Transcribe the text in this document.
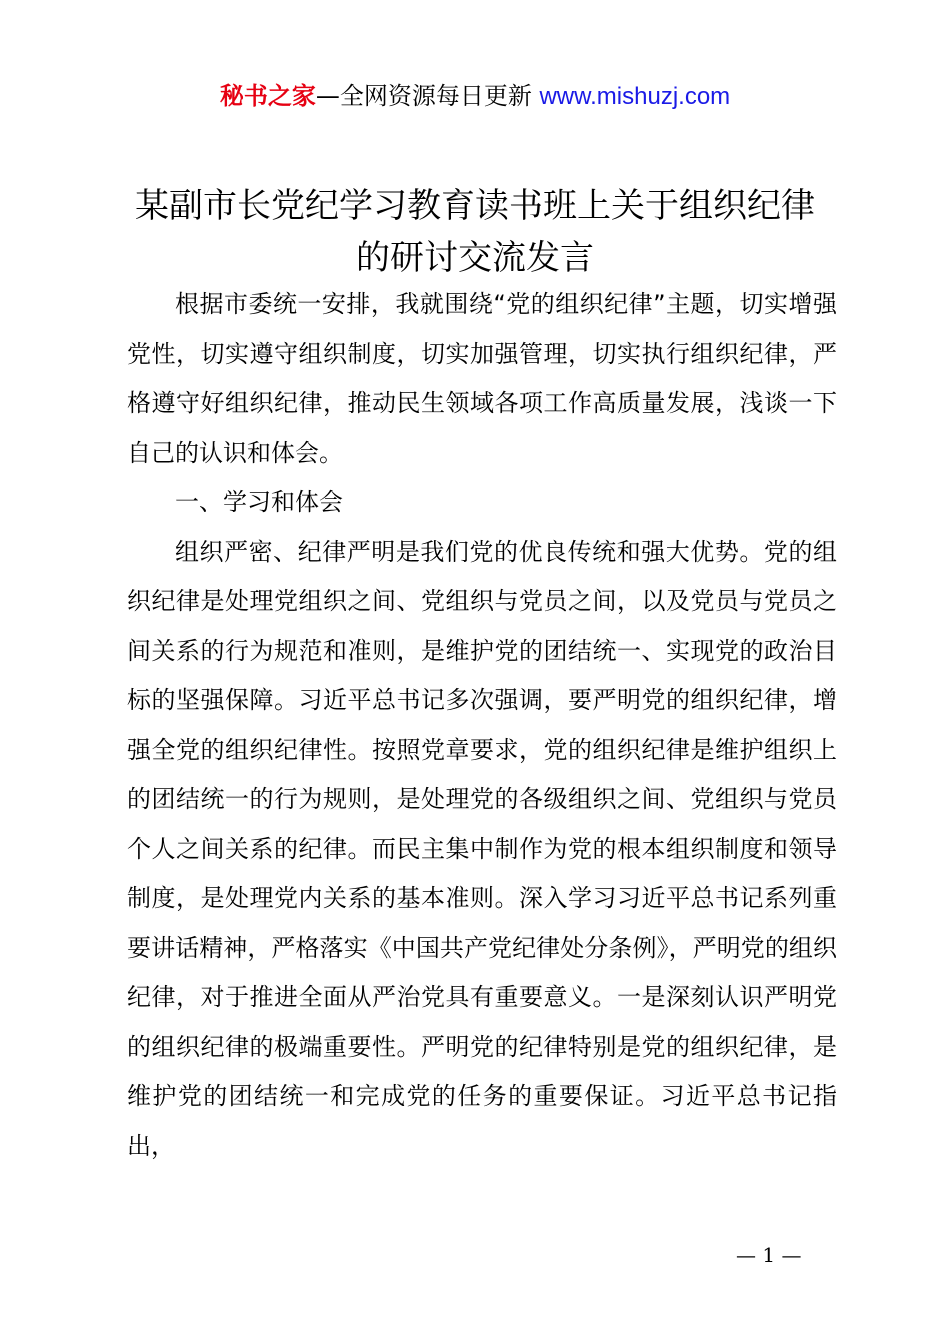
秘书之家—全网资源每日更新 www.mishuzj.com
某副市长党纪学习教育读书班上关于组织纪律
的研讨交流发言

根据市委统一安排，我就围绕“党的组织纪律”主题，切实增强党性，切实遵守组织制度，切实加强管理，切实执行组织纪律，严格遵守好组织纪律，推动民生领域各项工作高质量发展，浅谈一下自己的认识和体会。

一、学习和体会

组织严密、纪律严明是我们党的优良传统和强大优势。党的组织纪律是处理党组织之间、党组织与党员之间，以及党员与党员之间关系的行为规范和准则，是维护党的团结统一、实现党的政治目标的坚强保障。习近平总书记多次强调，要严明党的组织纪律，增强全党的组织纪律性。按照党章要求，党的组织纪律是维护组织上的团结统一的行为规则，是处理党的各级组织之间、党组织与党员个人之间关系的纪律。而民主集中制作为党的根本组织制度和领导制度，是处理党内关系的基本准则。深入学习习近平总书记系列重要讲话精神，严格落实《中国共产党纪律处分条例》，严明党的组织纪律，对于推进全面从严治党具有重要意义。一是深刻认识严明党的组织纪律的极端重要性。严明党的纪律特别是党的组织纪律，是维护党的团结统一和完成党的任务的重要保证。习近平总书记指出，

— 1 —
